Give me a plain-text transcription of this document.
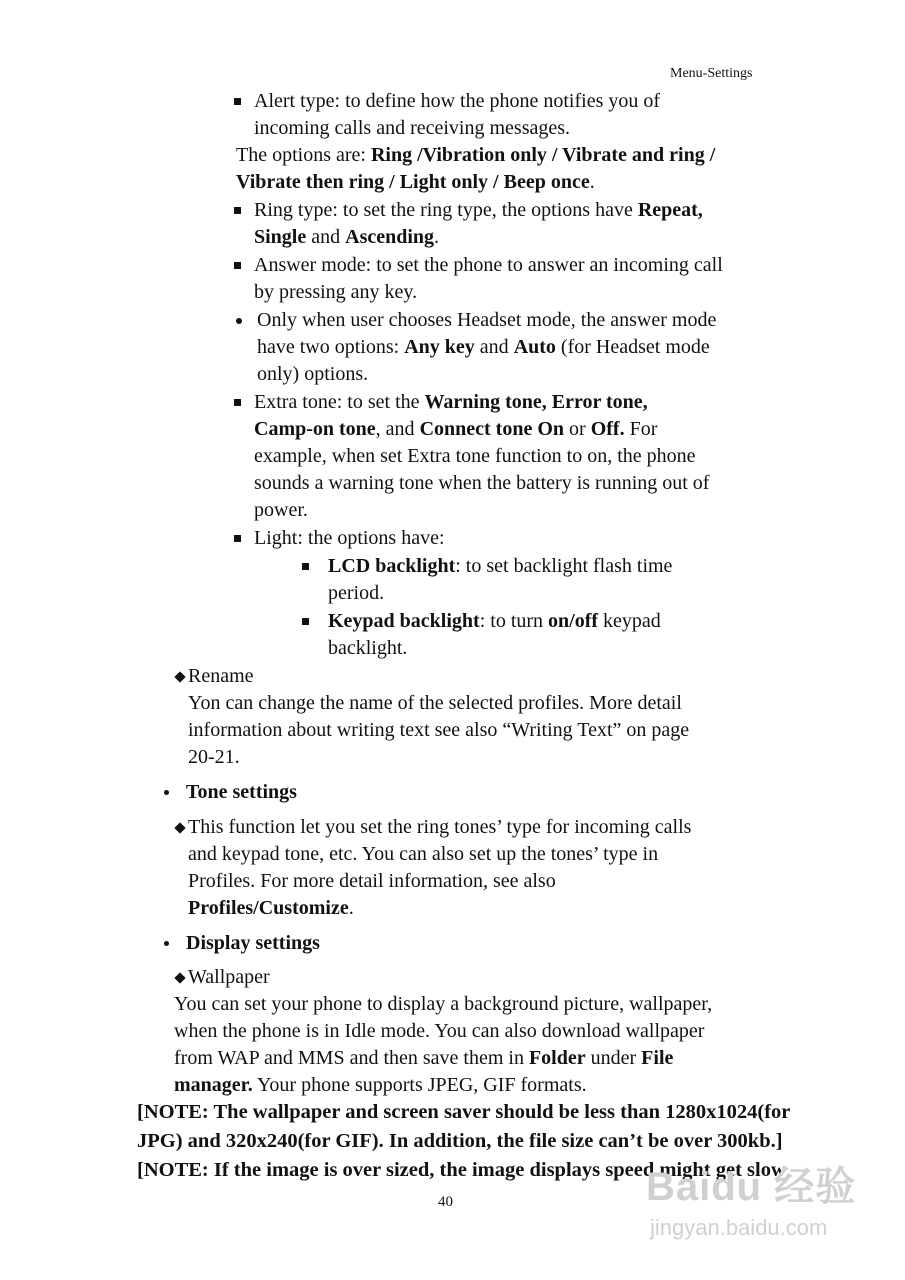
Menu-Settings
Alert type: to define how the phone notifies you of
incoming calls and receiving messages.
The options are: Ring /Vibration only / Vibrate and ring /
Vibrate then ring / Light only / Beep once.
Ring type: to set the ring type, the options have Repeat,
Single and Ascending.
Answer mode: to set the phone to answer an incoming call
by pressing any key.
Only when user chooses Headset mode, the answer mode
have two options: Any key and Auto (for Headset mode
only) options.
Extra tone: to set the Warning tone, Error tone,
Camp-on tone, and Connect tone On or Off. For
example, when set Extra tone function to on, the phone
sounds a warning tone when the battery is running out of
power.
Light: the options have:
LCD backlight: to set backlight flash time
period.
Keypad backlight: to turn on/off keypad
backlight.
Rename
Yon can change the name of the selected profiles. More detail
information about writing text see also “Writing Text” on page
20-21.
Tone settings
This function let you set the ring tones’ type for incoming calls
and keypad tone, etc. You can also set up the tones’ type in
Profiles. For more detail information, see also
Profiles/Customize.
Display settings
Wallpaper
You can set your phone to display a background picture, wallpaper,
when the phone is in Idle mode. You can also download wallpaper
from WAP and MMS and then save them in Folder under File
manager. Your phone supports JPEG, GIF formats.
[NOTE: The wallpaper and screen saver should be less than 1280x1024(for
JPG) and 320x240(for GIF). In addition, the file size can’t be over 300kb.]
[NOTE: If the image is over sized, the image displays speed might get slow
40	Baidu 经验
jingyan.baidu.com
